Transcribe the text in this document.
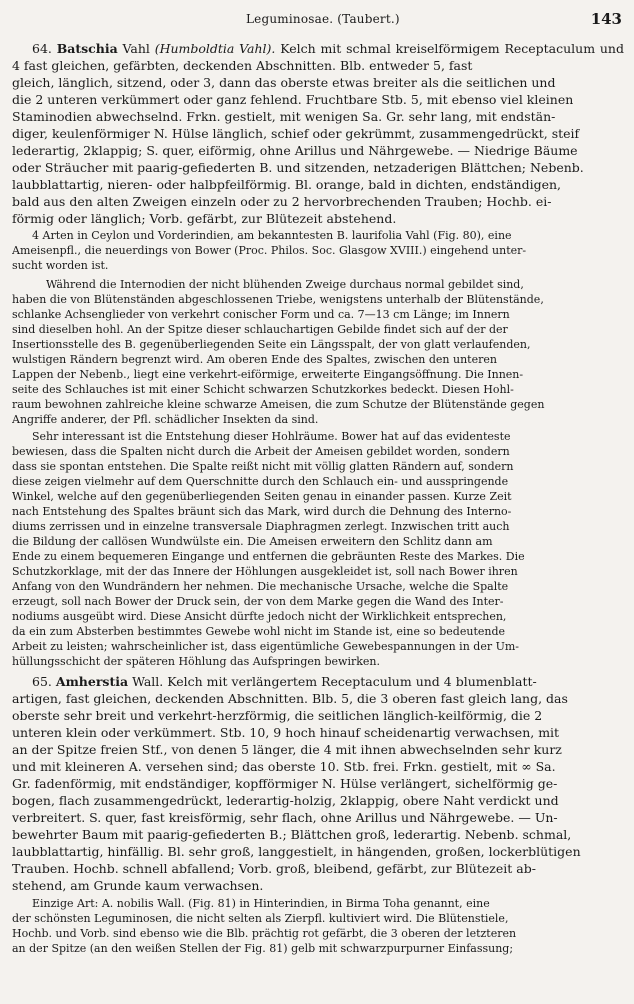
Leguminosae. (Taubert.)	143
64. Batschia Vahl (Humboldtia Vahl). Kelch mit schmal kreiselförmigem Receptaculum und 4 fast gleichen, gefärbten, deckenden Abschnitten. Blb. entweder 5, fast
gleich, länglich, sitzend, oder 3, dann das oberste etwas breiter als die seitlichen und
die 2 unteren verkümmert oder ganz fehlend. Fruchtbare Stb. 5, mit ebenso viel kleinen
Staminodien abwechselnd. Frkn. gestielt, mit wenigen Sa. Gr. sehr lang, mit endstän-
diger, keulenförmiger N. Hülse länglich, schief oder gekrümmt, zusammengedrückt, steif
lederartig, 2klappig; S. quer, eiförmig, ohne Arillus und Nährgewebe. — Niedrige Bäume
oder Sträucher mit paarig-gefiederten B. und sitzenden, netzaderigen Blättchen; Nebenb.
laubblattartig, nieren- oder halbpfeilförmig. Bl. orange, bald in dichten, endständigen,
bald aus den alten Zweigen einzeln oder zu 2 hervorbrechenden Trauben; Hochb. ei-
förmig oder länglich; Vorb. gefärbt, zur Blütezeit abstehend.
4 Arten in Ceylon und Vorderindien, am bekanntesten B. laurifolia Vahl (Fig. 80), eine
Ameisenpfl., die neuerdings von Bower (Proc. Philos. Soc. Glasgow XVIII.) eingehend unter-
sucht worden ist.
Während die Internodien der nicht blühenden Zweige durchaus normal gebildet sind,
haben die von Blütenständen abgeschlossenen Triebe, wenigstens unterhalb der Blütenstände,
schlanke Achsenglieder von verkehrt conischer Form und ca. 7—13 cm Länge; im Innern
sind dieselben hohl. An der Spitze dieser schlauchartigen Gebilde findet sich auf der der
Insertionsstelle des B. gegenüberliegenden Seite ein Längsspalt, der von glatt verlaufenden,
wulstigen Rändern begrenzt wird. Am oberen Ende des Spaltes, zwischen den unteren
Lappen der Nebenb., liegt eine verkehrt-eiförmige, erweiterte Eingangsöffnung. Die Innen-
seite des Schlauches ist mit einer Schicht schwarzen Schutzkorkes bedeckt. Diesen Hohl-
raum bewohnen zahlreiche kleine schwarze Ameisen, die zum Schutze der Blütenstände gegen
Angriffe anderer, der Pfl. schädlicher Insekten da sind.
Sehr interessant ist die Entstehung dieser Hohlräume. Bower hat auf das evidenteste
bewiesen, dass die Spalten nicht durch die Arbeit der Ameisen gebildet worden, sondern
dass sie spontan entstehen. Die Spalte reißt nicht mit völlig glatten Rändern auf, sondern
diese zeigen vielmehr auf dem Querschnitte durch den Schlauch ein- und ausspringende
Winkel, welche auf den gegenüberliegenden Seiten genau in einander passen. Kurze Zeit
nach Entstehung des Spaltes bräunt sich das Mark, wird durch die Dehnung des Interno-
diums zerrissen und in einzelne transversale Diaphragmen zerlegt. Inzwischen tritt auch
die Bildung der callösen Wundwülste ein. Die Ameisen erweitern den Schlitz dann am
Ende zu einem bequemeren Eingange und entfernen die gebräunten Reste des Markes. Die
Schutzkorklage, mit der das Innere der Höhlungen ausgekleidet ist, soll nach Bower ihren
Anfang von den Wundrändern her nehmen. Die mechanische Ursache, welche die Spalte
erzeugt, soll nach Bower der Druck sein, der von dem Marke gegen die Wand des Inter-
nodiums ausgeübt wird. Diese Ansicht dürfte jedoch nicht der Wirklichkeit entsprechen,
da ein zum Absterben bestimmtes Gewebe wohl nicht im Stande ist, eine so bedeutende
Arbeit zu leisten; wahrscheinlicher ist, dass eigentümliche Gewebespannungen in der Um-
hüllungsschicht der späteren Höhlung das Aufspringen bewirken.
65. Amherstia Wall. Kelch mit verlängertem Receptaculum und 4 blumenblatt-
artigen, fast gleichen, deckenden Abschnitten. Blb. 5, die 3 oberen fast gleich lang, das
oberste sehr breit und verkehrt-herzförmig, die seitlichen länglich-keilförmig, die 2
unteren klein oder verkümmert. Stb. 10, 9 hoch hinauf scheidenartig verwachsen, mit
an der Spitze freien Stf., von denen 5 länger, die 4 mit ihnen abwechselnden sehr kurz
und mit kleineren A. versehen sind; das oberste 10. Stb. frei. Frkn. gestielt, mit ∞ Sa.
Gr. fadenförmig, mit endständiger, kopfförmiger N. Hülse verlängert, sichelförmig ge-
bogen, flach zusammengedrückt, lederartig-holzig, 2klappig, obere Naht verdickt und
verbreitert. S. quer, fast kreisförmig, sehr flach, ohne Arillus und Nährgewebe. — Un-
bewehrter Baum mit paarig-gefiederten B.; Blättchen groß, lederartig. Nebenb. schmal,
laubblattartig, hinfällig. Bl. sehr groß, langgestielt, in hängenden, großen, lockerblütigen
Trauben. Hochb. schnell abfallend; Vorb. groß, bleibend, gefärbt, zur Blütezeit ab-
stehend, am Grunde kaum verwachsen.
Einzige Art: A. nobilis Wall. (Fig. 81) in Hinterindien, in Birma Toha genannt, eine
der schönsten Leguminosen, die nicht selten als Zierpfl. kultiviert wird. Die Blütenstiele,
Hochb. und Vorb. sind ebenso wie die Blb. prächtig rot gefärbt, die 3 oberen der letzteren
an der Spitze (an den weißen Stellen der Fig. 81) gelb mit schwarzpurpurner Einfassung;
